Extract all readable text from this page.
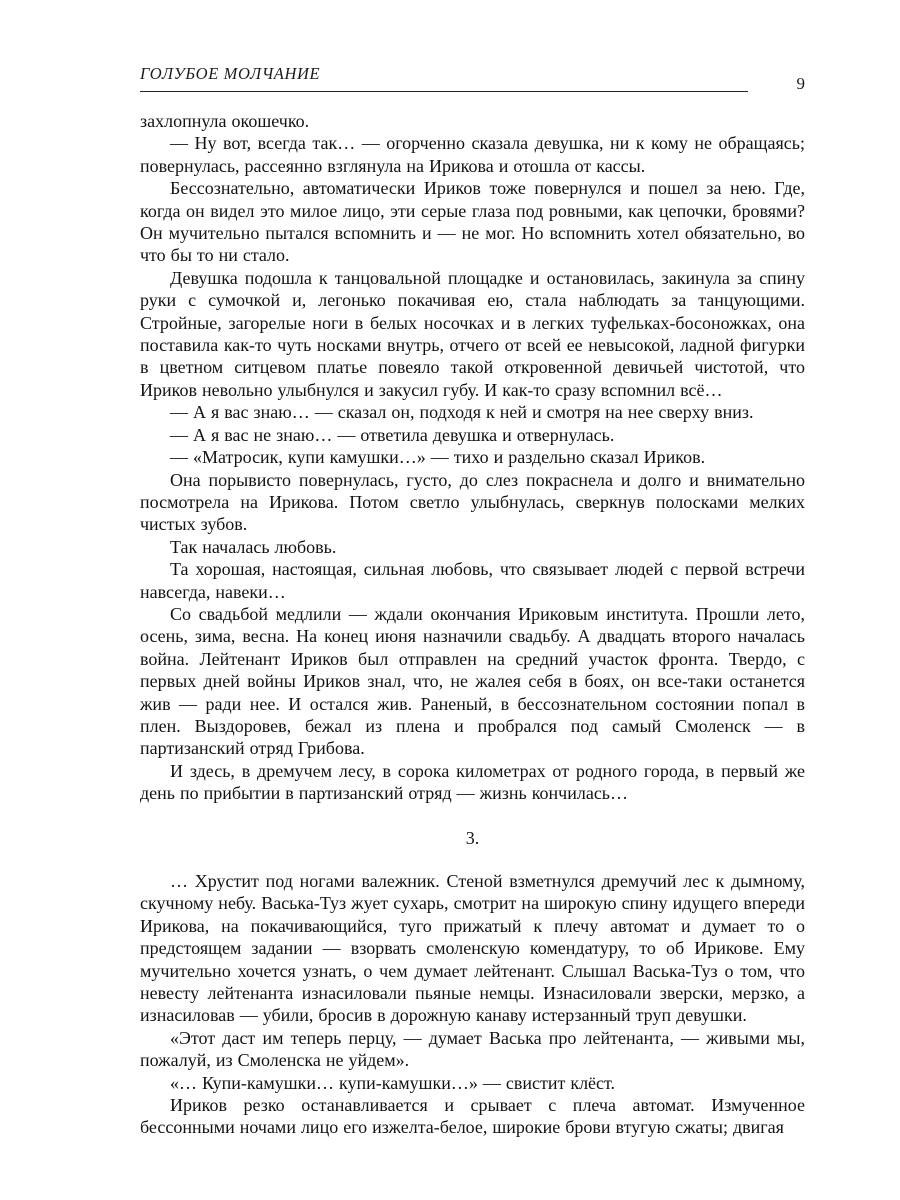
ГОЛУБОЕ МОЛЧАНИЕ
9

захлопнула окошечко.

— Ну вот, всегда так… — огорченно сказала девушка, ни к кому не обращаясь; повернулась, рассеянно взглянула на Ирикова и отошла от кассы.

Бессознательно, автоматически Ириков тоже повернулся и пошел за нею. Где, когда он видел это милое лицо, эти серые глаза под ровными, как цепочки, бровями? Он мучительно пытался вспомнить и — не мог. Но вспомнить хотел обязательно, во что бы то ни стало.

Девушка подошла к танцовальной площадке и остановилась, закинула за спину руки с сумочкой и, легонько покачивая ею, стала наблюдать за танцующими. Стройные, загорелые ноги в белых носочках и в легких туфельках-босоножках, она поставила как-то чуть носками внутрь, отчего от всей ее невысокой, ладной фигурки в цветном ситцевом платье повеяло такой откровенной девичьей чистотой, что Ириков невольно улыбнулся и закусил губу. И как-то сразу вспомнил всё…

— А я вас знаю… — сказал он, подходя к ней и смотря на нее сверху вниз.

— А я вас не знаю… — ответила девушка и отвернулась.

— «Матросик, купи камушки…» — тихо и раздельно сказал Ириков.

Она порывисто повернулась, густо, до слез покраснела и долго и внимательно посмотрела на Ирикова. Потом светло улыбнулась, сверкнув полосками мелких чистых зубов.

Так началась любовь.

Та хорошая, настоящая, сильная любовь, что связывает людей с первой встречи навсегда, навеки…

Со свадьбой медлили — ждали окончания Ириковым института. Прошли лето, осень, зима, весна. На конец июня назначили свадьбу. А двадцать второго началась война. Лейтенант Ириков был отправлен на средний участок фронта. Твердо, с первых дней войны Ириков знал, что, не жалея себя в боях, он все-таки останется жив — ради нее. И остался жив. Раненый, в бессознательном состоянии попал в плен. Выздоровев, бежал из плена и пробрался под самый Смоленск — в партизанский отряд Грибова.

И здесь, в дремучем лесу, в сорока километрах от родного города, в первый же день по прибытии в партизанский отряд — жизнь кончилась…

3.

… Хрустит под ногами валежник. Стеной взметнулся дремучий лес к дымному, скучному небу. Васька-Туз жует сухарь, смотрит на широкую спину идущего впереди Ирикова, на покачивающийся, туго прижатый к плечу автомат и думает то о предстоящем задании — взорвать смоленскую комендатуру, то об Ирикове. Ему мучительно хочется узнать, о чем думает лейтенант. Слышал Васька-Туз о том, что невесту лейтенанта изнасиловали пьяные немцы. Изнасиловали зверски, мерзко, а изнасиловав — убили, бросив в дорожную канаву истерзанный труп девушки.

«Этот даст им теперь перцу, — думает Васька про лейтенанта, — живыми мы, пожалуй, из Смоленска не уйдем».

«… Купи-камушки… купи-камушки…» — свистит клёст.

Ириков резко останавливается и срывает с плеча автомат. Измученное бессонными ночами лицо его изжелта-белое, широкие брови втугую сжаты; двигая
